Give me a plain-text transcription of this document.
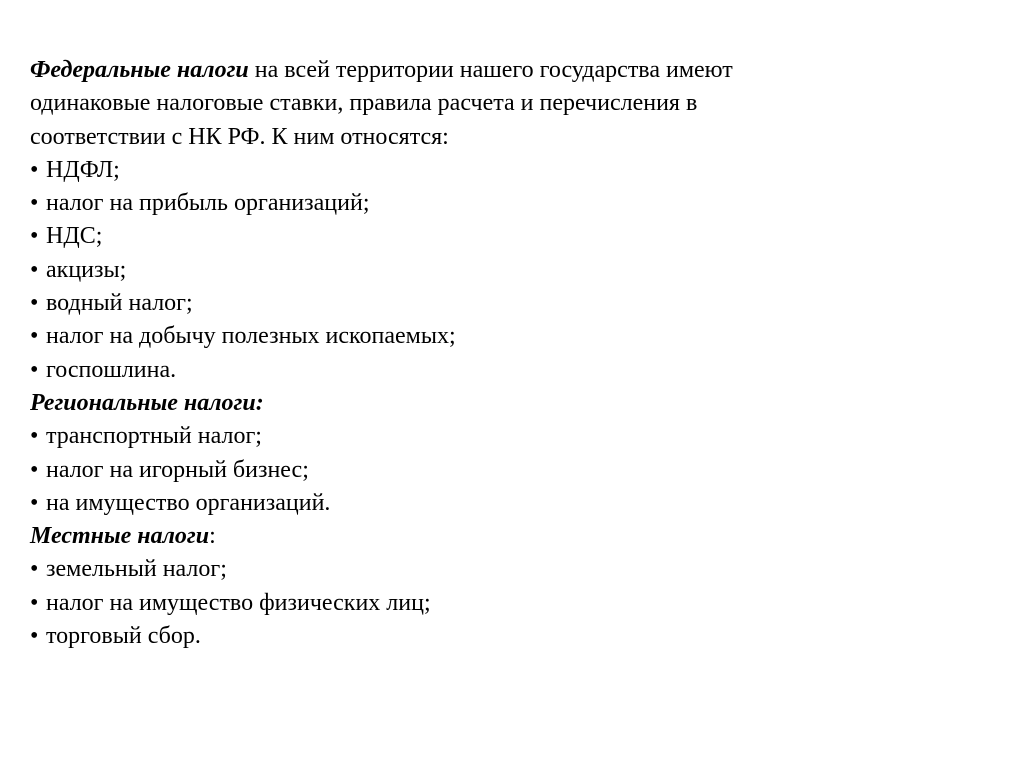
Федеральные налоги на всей территории нашего государства имеют

одинаковые налоговые ставки, правила расчета и перечисления в

соответствии с НК РФ. К ним относятся:

• НДФЛ;

• налог на прибыль организаций;

• НДС;

• акцизы;

• водный налог;

• налог на добычу полезных ископаемых;

• госпошлина.

Региональные налоги:

• транспортный налог;

• налог на игорный бизнес;

• на имущество организаций.

Местные налоги:

• земельный налог;

• налог на имущество физических лиц;

• торговый сбор.
